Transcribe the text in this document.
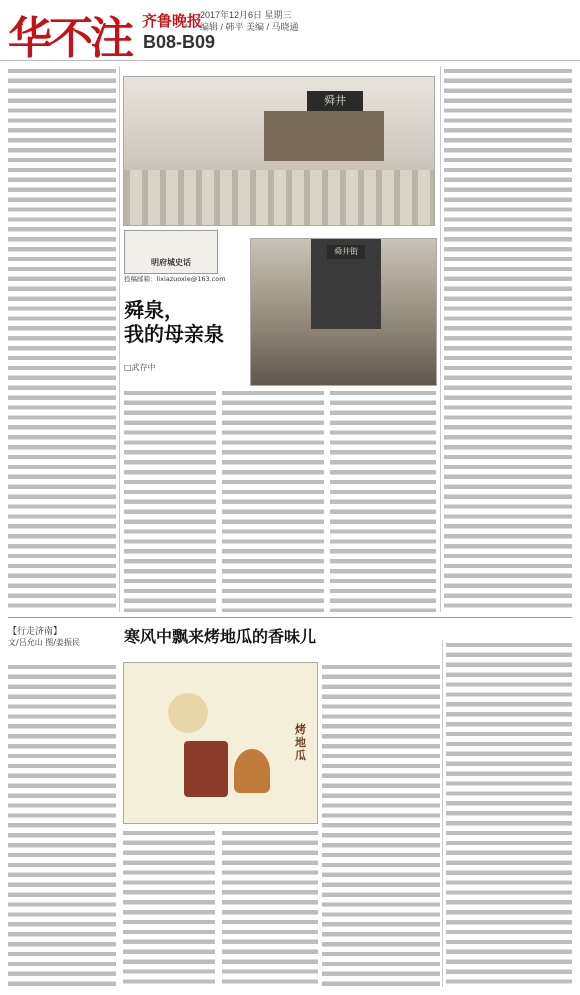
华不注 齐鲁晚报
2017年12月6日 星期三
编辑 / 韩平 美编 / 马晓通
B08-B09
舜井
明府城史话
投稿邮箱：lixiazuoxie@163.com
舜泉，
我的母亲泉
□武存中
舜井街
【行走济南】
文/吕允山 图/姜振民	寒风中飘来烤地瓜的香味儿
烤地瓜
